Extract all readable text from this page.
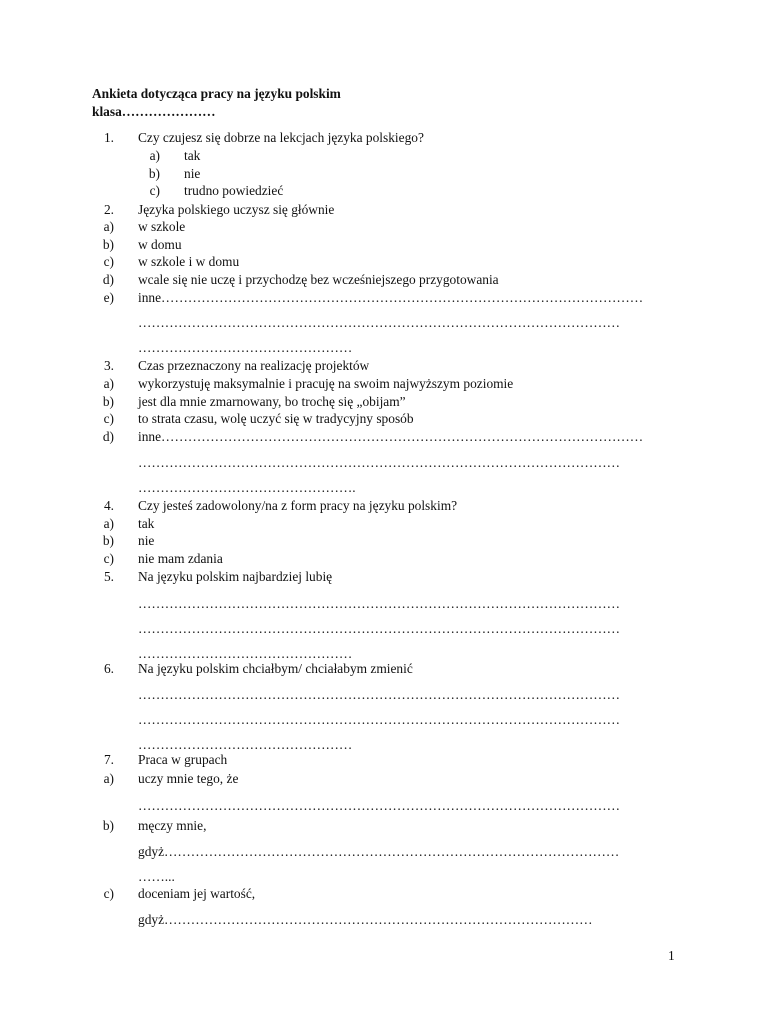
Ankieta dotycząca pracy na języku polskim
klasa…………………
1. Czy czujesz się dobrze na lekcjach języka polskiego?
a) tak
b) nie
c) trudno powiedzieć
2. Języka polskiego uczysz się głównie
a) w szkole
b) w domu
c) w szkole i w domu
d) wcale się nie uczę i przychodzę bez wcześniejszego przygotowania
e) inne………………………………………………………………………………………………
………………………………………………………………………………………………
…………………………………………
3. Czas przeznaczony na realizację projektów
a) wykorzystuję maksymalnie i pracuję na swoim najwyższym poziomie
b) jest dla mnie zmarnowany, bo trochę się „obijam”
c) to strata czasu, wolę uczyć się w tradycyjny sposób
d) inne………………………………………………………………………………………………
………………………………………………………………………………………………
………………………………………….
4. Czy jesteś zadowolony/na z form pracy na języku polskim?
a) tak
b) nie
c) nie mam zdania
5. Na języku polskim najbardziej lubię
………………………………………………………………………………………………
………………………………………………………………………………………………
…………………………………………
6. Na języku polskim chciałbym/ chciałabym zmienić
………………………………………………………………………………………………
………………………………………………………………………………………………
…………………………………………
7. Praca w grupach
a) uczy mnie tego, że
………………………………………………………………………………………………
b) męczy mnie,
gdyż…………………………………………………………………………………………
……...
c) doceniam jej wartość,
gdyż……………………………………………………………………………………
1
